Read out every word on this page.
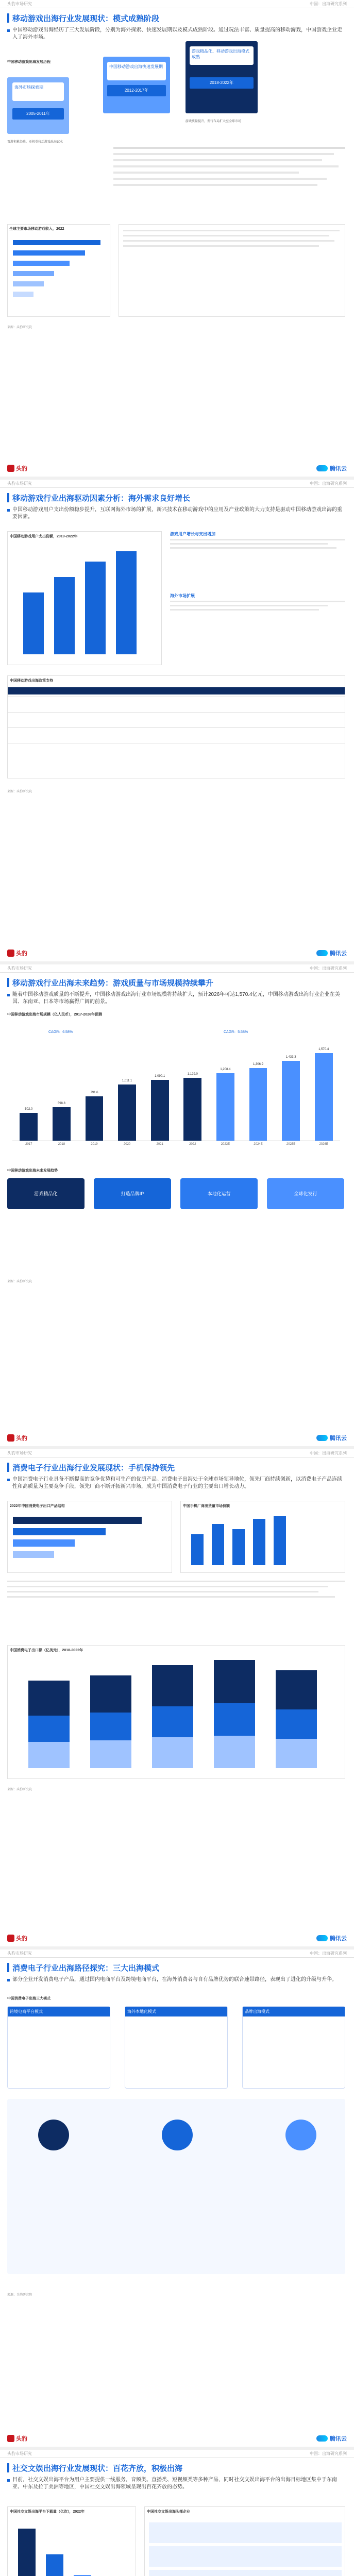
头豹市场研究	中国：出海研究系列
移动游戏出海行业发展现状：模式成熟阶段
中国移动游戏出海经历了三大发展阶段，分别为海外探索、快速发展期以及模式成熟阶段。通过玩法丰富、质量提高的移动游戏，中国游戏企业走入了海外市场。
中国移动游戏出海发展历程
海外市场探索期
2005-2011年
中国移动游戏出海快速发展期
2012-2017年
游戏精品化、移动游戏出海模式成熟
2018-2022年
页游积累经验，单机类移动游戏出海试水
游戏质量提升，发行布局扩大至全球市场
全球主要市场移动游戏收入，2022
来源：头豹研究院
头豹	腾讯云
头豹市场研究	中国：出海研究系列
移动游戏行业出海驱动因素分析：海外需求良好增长
中国移动游戏用户支出份额稳步提升，互联网海外市场的扩展，新兴技术在移动游戏中的应用及产业政策的大力支持是驱动中国移动游戏出海的重要因素。
中国移动游戏用户支出份额，2019-2022年
游戏用户增长与支出增加
海外市场扩展
中国移动游戏出海政策支持
来源：头豹研究院
头豹	腾讯云
头豹市场研究	中国：出海研究系列
移动游戏行业出海未来趋势：游戏质量与市场规模持续攀升
随着中国移动游戏质量的不断提升，中国移动游戏出海行业市场规模将持续扩大，预计2026年可达1,570.4亿元，中国移动游戏出海行业企业在美国、东南亚、日本等市场赢得广阔的前景。
中国移动游戏出海市场规模（亿人民币），2017-2026年预测
CAGR：6.58%	CAGR：5.58%
502.0
2017
598.8
2018
791.6
2019
1,011.1
2020
1,090.1
2021
1,129.0
2022
1,208.4
2023E
1,306.9
2024E
1,433.3
2025E
1,570.4
2026E
中国移动游戏出海未来发展趋势
游戏精品化	打造品牌IP	本地化运营	全球化发行
来源：头豹研究院
头豹	腾讯云
头豹市场研究	中国：出海研究系列
消费电子行业出海行业发展现状：手机保持领先
中国消费电子行业具备不断提高的竞争优势和可生产的优质产品。消费电子出海处于全球市场领导地位，领先厂商持续创新，以消费电子产品连续性和高质量为主要竞争手段，领先厂商不断开拓新兴市场，成为中国消费电子行业的主要出口增长动力。
2022年中国消费电子出口产品结构	中国手机厂商出货量市场份额
中国消费电子出口额（亿美元），2018-2022年
来源：头豹研究院
头豹	腾讯云
头豹市场研究	中国：出海研究系列
消费电子行业出海路径探究：三大出海模式
部分企业开发消费电子产品，通过国内电商平台及跨境电商平台，在海外消费者与自有品牌优势的联合速带路径，表现出了进化的升级与升华。
中国消费电子出海三大模式
跨境电商平台模式	海外本地化模式	品牌出海模式
来源：头豹研究院
头豹	腾讯云
头豹市场研究	中国：出海研究系列
社交文娱出海行业发展现状：百花齐放，积极出海
目前，社交文娱出海平台为用户主要提供一线服务，音频类、直播类、短视频类等多种产品，同时社交文娱出海平台的出海目标地区集中于东南亚、中东及拉丁美洲等地区，中国社交文娱出海领域呈现出百花齐放的态势。
中国社交文娱出海平台下载量（亿次），2022年	中国社交文娱出海头部企业
